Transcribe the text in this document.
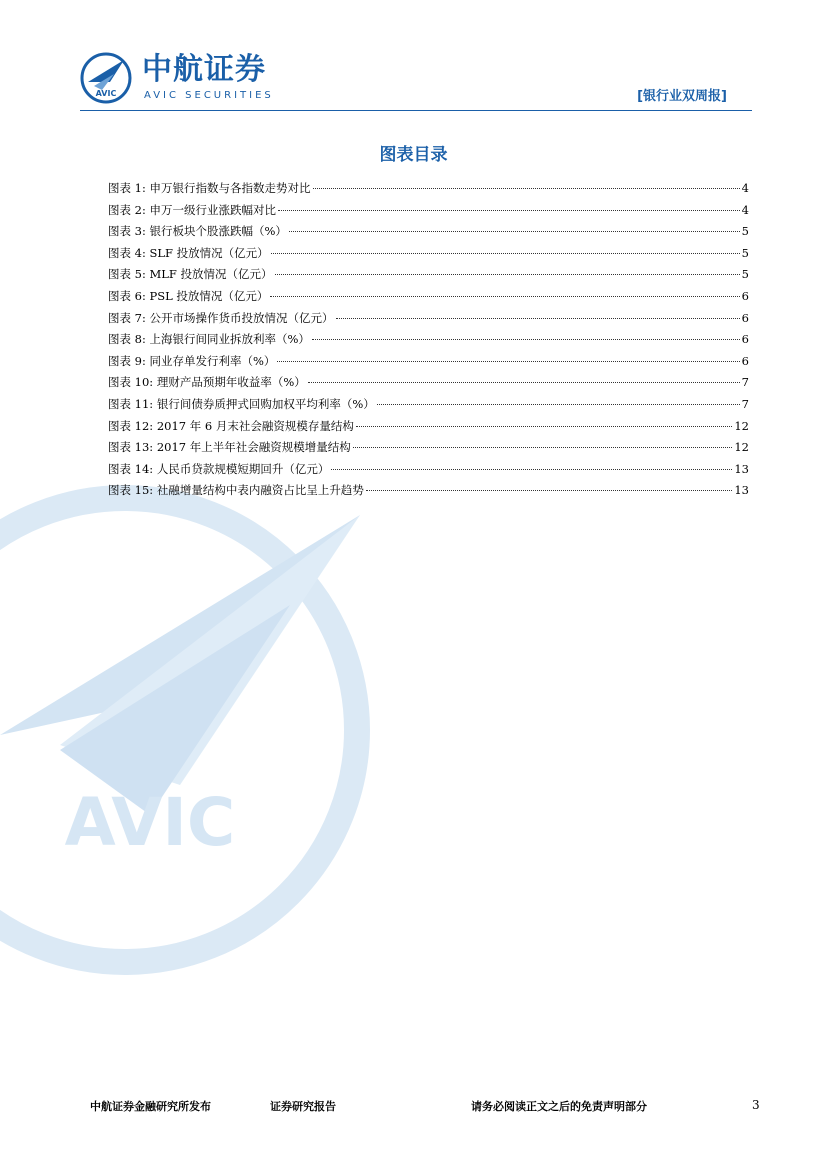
AVIC
中航证券
AVIC SECURITIES	[银行业双周报]
AVIC
图表目录
图表 1: 申万银行指数与各指数走势对比	4
图表 2: 申万一级行业涨跌幅对比	4
图表 3: 银行板块个股涨跌幅（%）	5
图表 4: SLF 投放情况（亿元）	5
图表 5: MLF 投放情况（亿元）	5
图表 6: PSL 投放情况（亿元）	6
图表 7: 公开市场操作货币投放情况（亿元）	6
图表 8: 上海银行间同业拆放利率（%）	6
图表 9: 同业存单发行利率（%）	6
图表 10: 理财产品预期年收益率（%）	7
图表 11: 银行间债券质押式回购加权平均利率（%）	7
图表 12: 2017 年 6 月末社会融资规模存量结构	12
图表 13: 2017 年上半年社会融资规模增量结构	12
图表 14: 人民币贷款规模短期回升（亿元）	13
图表 15: 社融增量结构中表内融资占比呈上升趋势	13
中航证券金融研究所发布	证券研究报告	请务必阅读正文之后的免责声明部分	3
